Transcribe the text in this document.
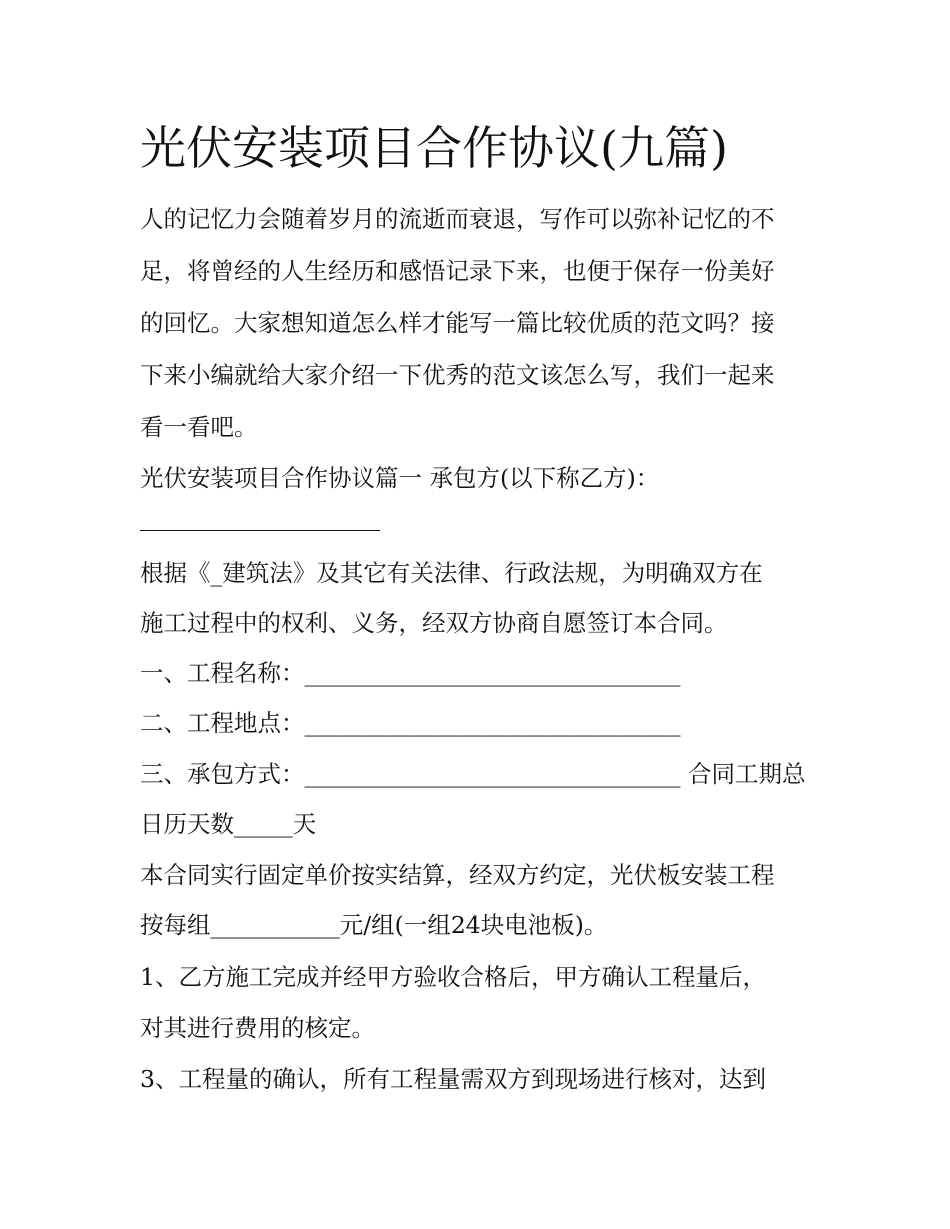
光伏安装项目合作协议(九篇)
人的记忆力会随着岁月的流逝而衰退，写作可以弥补记忆的不
足，将曾经的人生经历和感悟记录下来，也便于保存一份美好
的回忆。大家想知道怎么样才能写一篇比较优质的范文吗？接
下来小编就给大家介绍一下优秀的范文该怎么写，我们一起来
看一看吧。
光伏安装项目合作协议篇一 承包方(以下称乙方)：
根据《_建筑法》及其它有关法律、行政法规，为明确双方在
施工过程中的权利、义务，经双方协商自愿签订本合同。
一、工程名称：________________________________
二、工程地点：________________________________
三、承包方式：________________________________ 合同工期总
日历天数_____天
本合同实行固定单价按实结算，经双方约定，光伏板安装工程
按每组___________元/组(一组24块电池板)。
1、乙方施工完成并经甲方验收合格后，甲方确认工程量后，
对其进行费用的核定。
3、工程量的确认，所有工程量需双方到现场进行核对，达到
